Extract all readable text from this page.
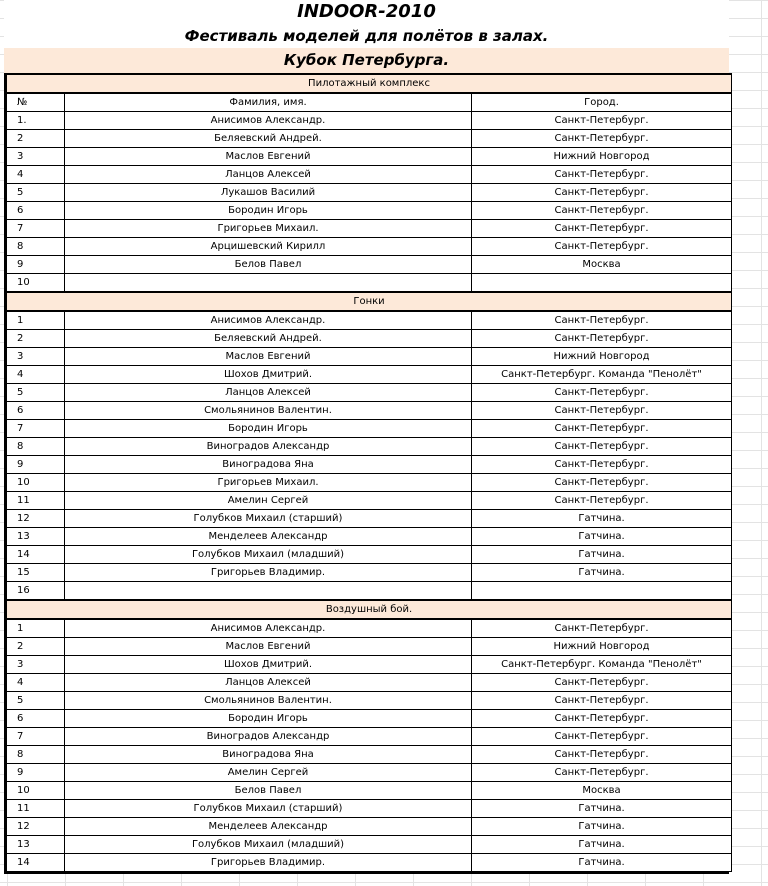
INDOOR-2010
Фестиваль моделей для полётов в залах.
Кубок Петербурга.
Пилотажный комплекс		
№	Фамилия, имя.	Город.
1.	Анисимов Александр.	Санкт-Петербург.
2	Беляевский Андрей.	Санкт-Петербург.
3	Маслов Евгений	Нижний Новгород
4	Ланцов Алексей	Санкт-Петербург.
5	Лукашов Василий	Санкт-Петербург.
6	Бородин Игорь	Санкт-Петербург.
7	Григорьев Михаил.	Санкт-Петербург.
8	Арцишевский Кирилл	Санкт-Петербург.
9	Белов Павел	Москва
10		
Гонки		
1	Анисимов Александр.	Санкт-Петербург.
2	Беляевский Андрей.	Санкт-Петербург.
3	Маслов Евгений	Нижний Новгород
4	Шохов Дмитрий.	Санкт-Петербург. Команда "Пенолёт"
5	Ланцов Алексей	Санкт-Петербург.
6	Смольянинов Валентин.	Санкт-Петербург.
7	Бородин Игорь	Санкт-Петербург.
8	Виноградов Александр	Санкт-Петербург.
9	Виноградова Яна	Санкт-Петербург.
10	Григорьев Михаил.	Санкт-Петербург.
11	Амелин Сергей	Санкт-Петербург.
12	Голубков Михаил (старший)	Гатчина.
13	Менделеев Александр	Гатчина.
14	Голубков Михаил (младший)	Гатчина.
15	Григорьев Владимир.	Гатчина.
16		
Воздушный бой.		
1	Анисимов Александр.	Санкт-Петербург.
2	Маслов Евгений	Нижний Новгород
3	Шохов Дмитрий.	Санкт-Петербург. Команда "Пенолёт"
4	Ланцов Алексей	Санкт-Петербург.
5	Смольянинов Валентин.	Санкт-Петербург.
6	Бородин Игорь	Санкт-Петербург.
7	Виноградов Александр	Санкт-Петербург.
8	Виноградова Яна	Санкт-Петербург.
9	Амелин Сергей	Санкт-Петербург.
10	Белов Павел	Москва
11	Голубков Михаил (старший)	Гатчина.
12	Менделеев Александр	Гатчина.
13	Голубков Михаил (младший)	Гатчина.
14	Григорьев Владимир.	Гатчина.
